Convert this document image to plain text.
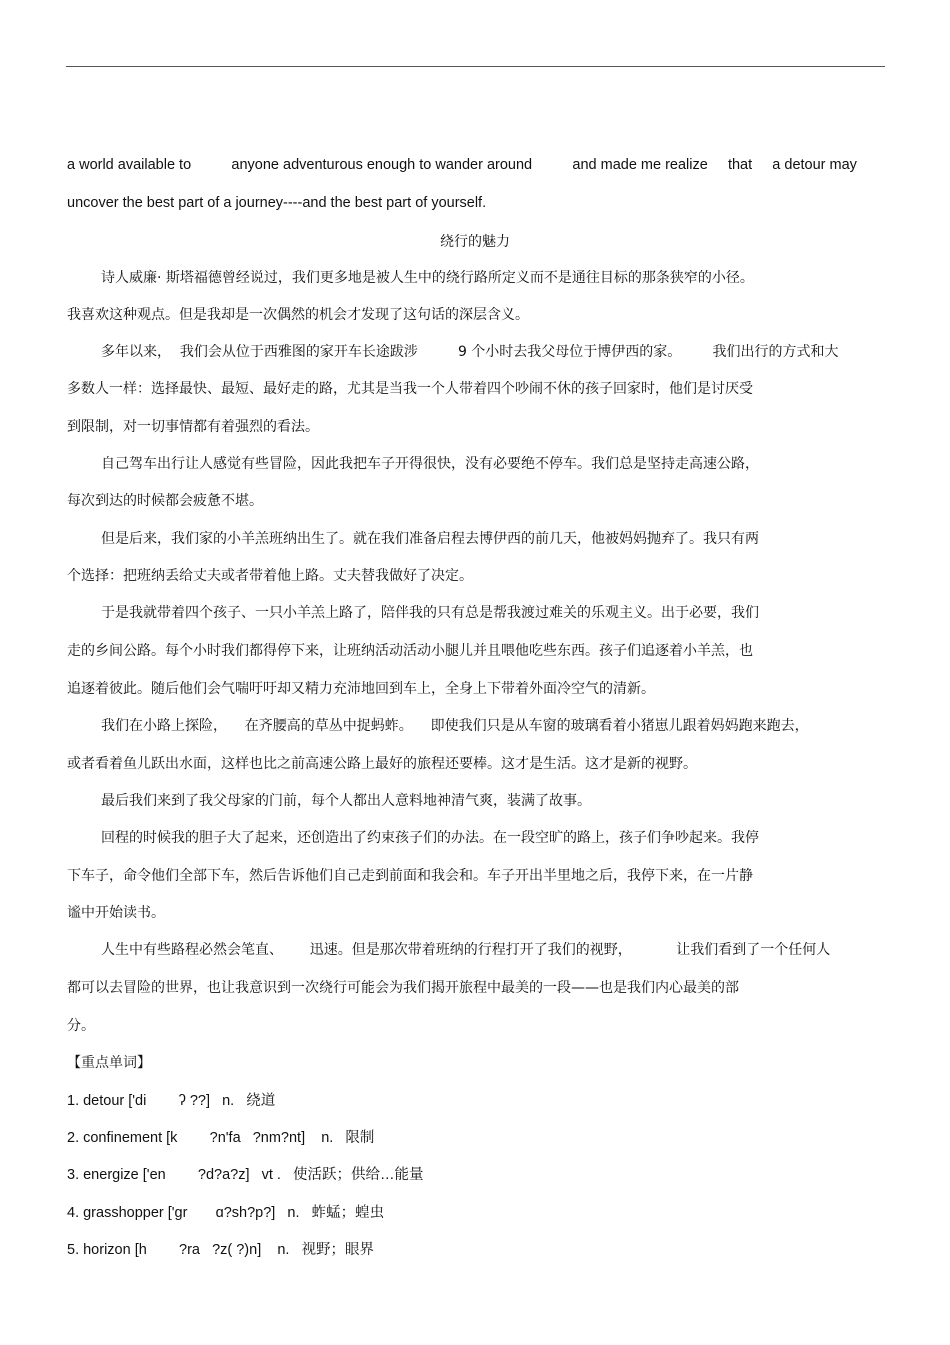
a world available to          anyone adventurous enough to wander around          and made me realize     that     a detour may
uncover the best part of a journey----and the best part of yourself.
绕行的魅力
诗人威廉· 斯塔福德曾经说过，我们更多地是被人生中的绕行路所定义而不是通往目标的那条狭窄的小径。
我喜欢这种观点。但是我却是一次偶然的机会才发现了这句话的深层含义。
多年以来，  我们会从位于西雅图的家开车长途跋涉         9 个小时去我父母位于博伊西的家。       我们出行的方式和大
多数人一样：选择最快、最短、最好走的路，尤其是当我一个人带着四个吵闹不休的孩子回家时，他们是讨厌受
到限制，对一切事情都有着强烈的看法。
自己驾车出行让人感觉有些冒险，因此我把车子开得很快，没有必要绝不停车。我们总是坚持走高速公路，
每次到达的时候都会疲惫不堪。
但是后来，我们家的小羊羔班纳出生了。就在我们准备启程去博伊西的前几天，他被妈妈抛弃了。我只有两
个选择：把班纳丢给丈夫或者带着他上路。丈夫替我做好了决定。
于是我就带着四个孩子、一只小羊羔上路了，陪伴我的只有总是帮我渡过难关的乐观主义。出于必要，我们
走的乡间公路。每个小时我们都得停下来，让班纳活动活动小腿儿并且喂他吃些东西。孩子们追逐着小羊羔，也
追逐着彼此。随后他们会气喘吁吁却又精力充沛地回到车上，全身上下带着外面冷空气的清新。
我们在小路上探险，    在齐腰高的草丛中捉蚂蚱。    即使我们只是从车窗的玻璃看着小猪崽儿跟着妈妈跑来跑去，
或者看着鱼儿跃出水面，这样也比之前高速公路上最好的旅程还要棒。这才是生活。这才是新的视野。
最后我们来到了我父母家的门前，每个人都出人意料地神清气爽，装满了故事。
回程的时候我的胆子大了起来，还创造出了约束孩子们的办法。在一段空旷的路上，孩子们争吵起来。我停
下车子，命令他们全部下车，然后告诉他们自己走到前面和我会和。车子开出半里地之后，我停下来，在一片静
谧中开始读书。
人生中有些路程必然会笔直、      迅速。但是那次带着班纳的行程打开了我们的视野，          让我们看到了一个任何人
都可以去冒险的世界，也让我意识到一次绕行可能会为我们揭开旅程中最美的一段——也是我们内心最美的部
分。
【重点单词】
1. detour ['di        ʔ ??]   n.   绕道
2. confinement [k        ?n'fa   ?nm?nt]    n.   限制
3. energize ['en        ?d?a?z]   vt .   使活跃；供给…能量
4. grasshopper ['gr       ɑ?sh?p?]   n.   蚱蜢；蝗虫
5. horizon [h        ?ra   ?z( ?)n]    n.   视野；眼界
